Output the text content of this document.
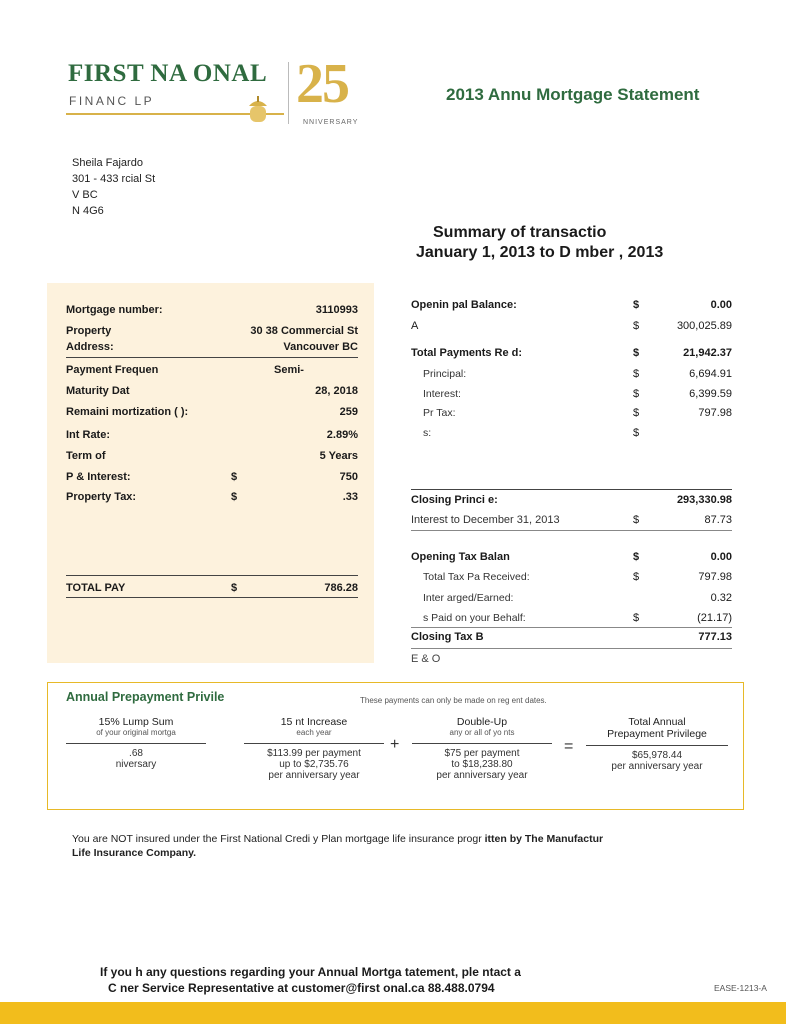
FIRST NA ONAL
FINANC LP	25
NNIVERSARY
2013 Annu Mortgage Statement
Sheila Fajardo
301 - 433 rcial St
V BC
N 4G6
Summary of transactio
January 1, 2013 to D mber , 2013
Mortgage number:	3110993
Property
Address:
30 38 Commercial St
Vancouver BC
Payment Frequen	Semi-
Maturity Dat	28, 2018
Remaini mortization ( ):	259
Int Rate:	2.89%
Term of	5 Years
P & Interest:	$	750
Property Tax:	$	.33
TOTAL PAY	$	786.28
Openin pal Balance:	$	0.00
A	$	300,025.89
Total Payments Re d:	$	21,942.37
Principal:	$	6,694.91
Interest:	$	6,399.59
Pr Tax:	$	797.98
s:	$
Closing Princi e:	293,330.98
Interest to December 31, 2013	$	87.73
Opening Tax Balan	$	0.00
Total Tax Pa Received:	$	797.98
Inter arged/Earned:	0.32
s Paid on your Behalf:	$	(21.17)
Closing Tax B	777.13
E & O
Annual Prepayment Privile	These payments can only be made on reg ent dates.
15% Lump Sum
of your original mortga
.68
niversary
15 nt Increase
each year
$113.99 per payment
up to $2,735.76
per anniversary year
+
Double-Up
any or all of yo nts
$75 per payment
to $18,238.80
per anniversary year
=
Total Annual
Prepayment Privilege
$65,978.44
per anniversary year
You are NOT insured under the First National Credi y Plan mortgage life insurance progr itten by The Manufactur
Life Insurance Company.
If you h any questions regarding your Annual Mortga tatement, ple ntact a
C ner Service Representative at customer@first onal.ca 88.488.0794	EASE-1213-A
